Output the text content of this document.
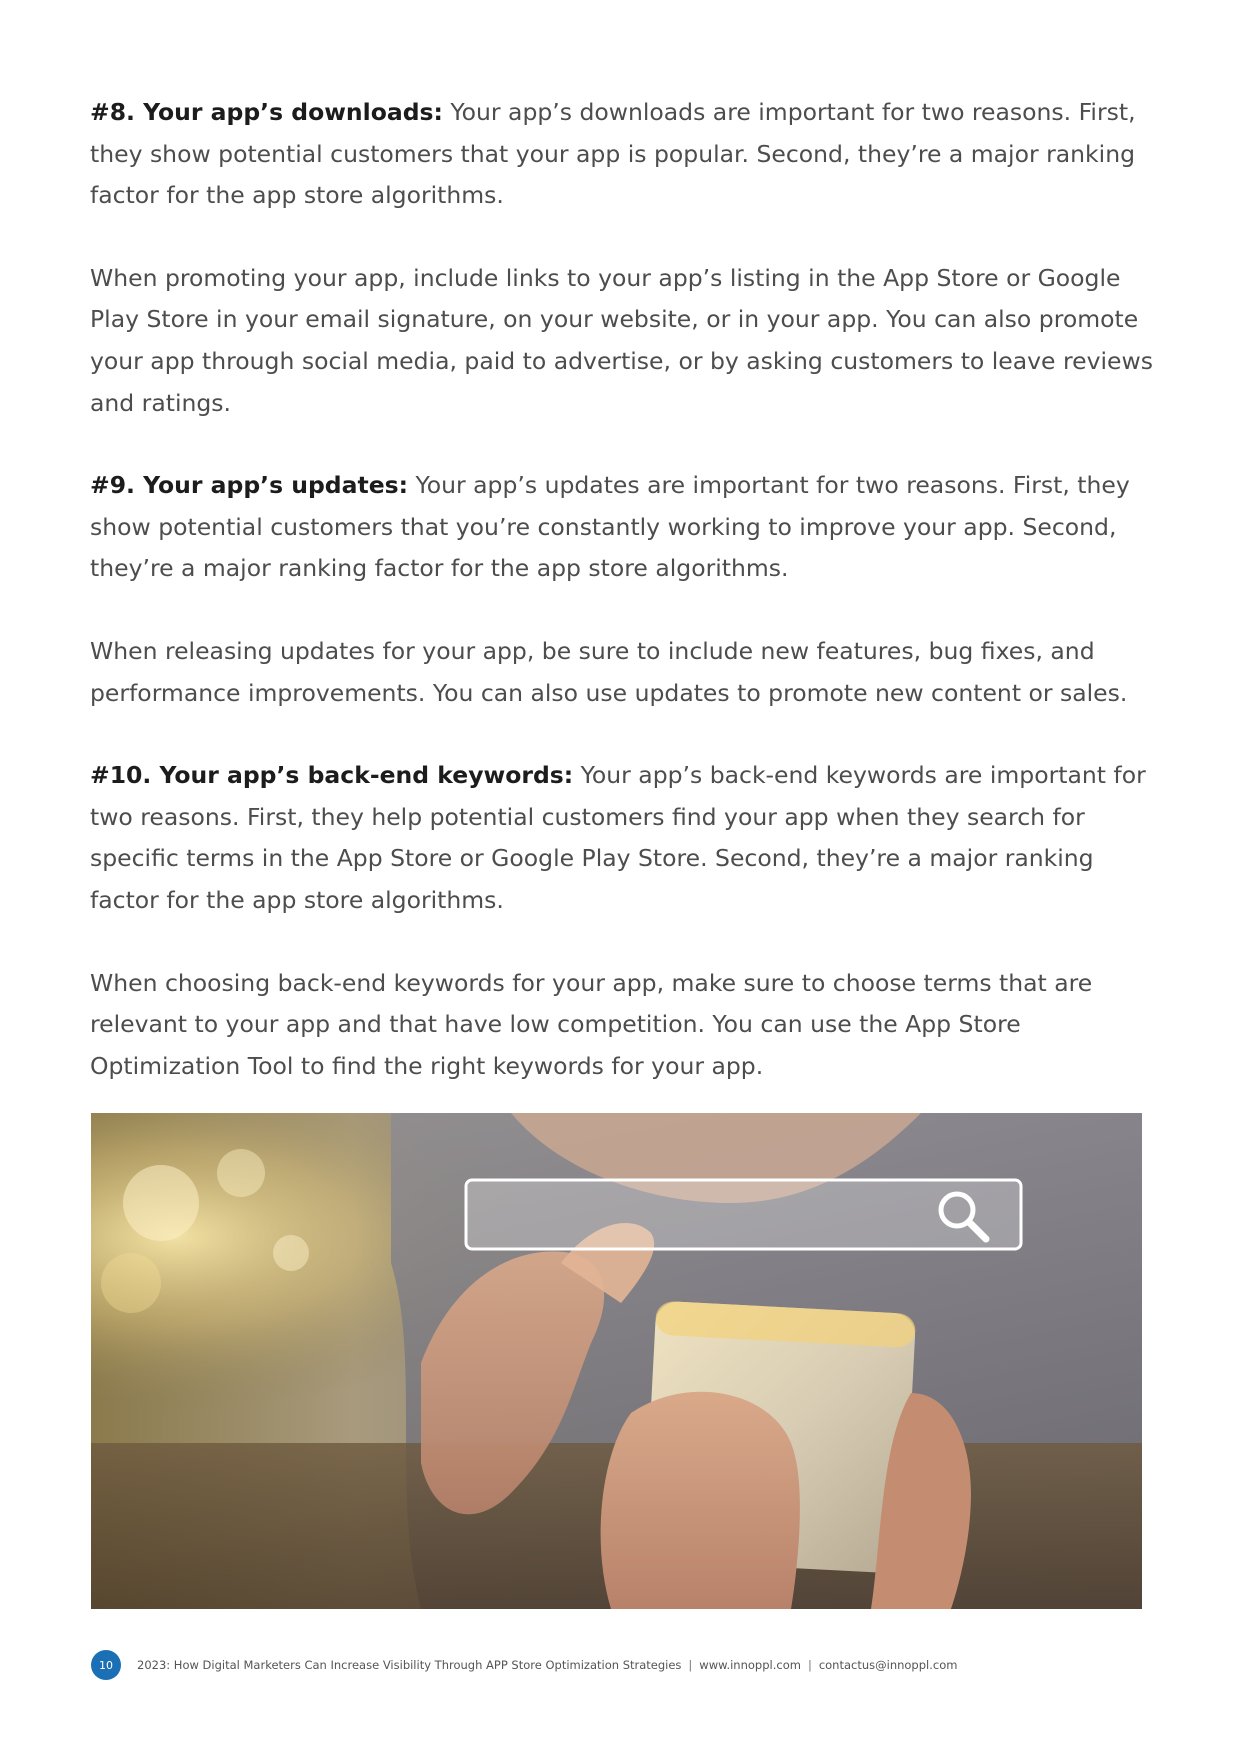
#8. Your app’s downloads: Your app’s downloads are important for two reasons. First, they show potential customers that your app is popular. Second, they’re a major ranking factor for the app store algorithms.

When promoting your app, include links to your app’s listing in the App Store or Google Play Store in your email signature, on your website, or in your app. You can also promote your app through social media, paid to advertise, or by asking customers to leave reviews and ratings.

#9. Your app’s updates: Your app’s updates are important for two reasons. First, they show potential customers that you’re constantly working to improve your app. Second, they’re a major ranking factor for the app store algorithms.

When releasing updates for your app, be sure to include new features, bug fixes, and performance improvements. You can also use updates to promote new content or sales.

#10. Your app’s back-end keywords: Your app’s back-end keywords are important for two reasons. First, they help potential customers find your app when they search for specific terms in the App Store or Google Play Store. Second, they’re a major ranking factor for the app store algorithms.

When choosing back-end keywords for your app, make sure to choose terms that are relevant to your app and that have low competition. You can use the App Store Optimization Tool to find the right keywords for your app.

10	2023: How Digital Marketers Can Increase Visibility Through APP Store Optimization Strategies | www.innoppl.com | contactus@innoppl.com
